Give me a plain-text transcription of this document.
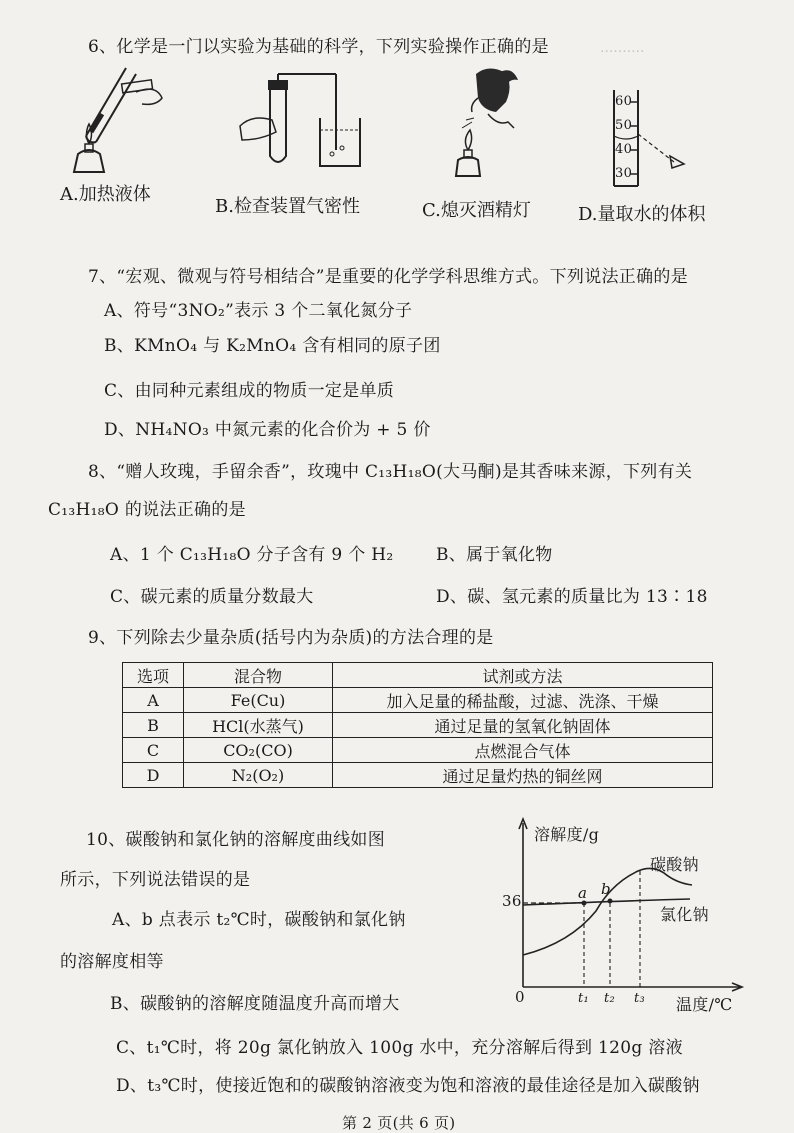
..........
6、化学是一门以实验为基础的科学，下列实验操作正确的是
A.加热液体
B.检查装置气密性	C.熄灭酒精灯
60
50
40
30
D.量取水的体积
7、“宏观、微观与符号相结合”是重要的化学学科思维方式。下列说法正确的是
A、符号“3NO₂”表示 3 个二氧化氮分子
B、KMnO₄ 与 K₂MnO₄ 含有相同的原子团
C、由同种元素组成的物质一定是单质
D、NH₄NO₃ 中氮元素的化合价为 + 5 价
8、“赠人玫瑰，手留余香”，玫瑰中 C₁₃H₁₈O(大马酮)是其香味来源，下列有关
C₁₃H₁₈O 的说法正确的是
A、1 个 C₁₃H₁₈O 分子含有 9 个 H₂ B、属于氧化物
C、碳元素的质量分数最大	D、碳、氢元素的质量比为 13∶18
9、下列除去少量杂质(括号内为杂质)的方法合理的是
选项	混合物	试剂或方法
A	Fe(Cu)	加入足量的稀盐酸，过滤、洗涤、干燥
B	HCl(水蒸气)	通过足量的氢氧化钠固体
C	CO₂(CO)	点燃混合气体
D	N₂(O₂)	通过足量灼热的铜丝网
10、碳酸钠和氯化钠的溶解度曲线如图
所示，下列说法错误的是
A、b 点表示 t₂℃时，碳酸钠和氯化钠
的溶解度相等
B、碳酸钠的溶解度随温度升高而增大
C、t₁℃时，将 20g 氯化钠放入 100g 水中，充分溶解后得到 120g 溶液
D、t₃℃时，使接近饱和的碳酸钠溶液变为饱和溶液的最佳途径是加入碳酸钠
溶解度/g
碳酸钠
氯化钠
36	a b
0	t₁ t₂ t₃ 温度/℃
第 2 页(共 6 页)
